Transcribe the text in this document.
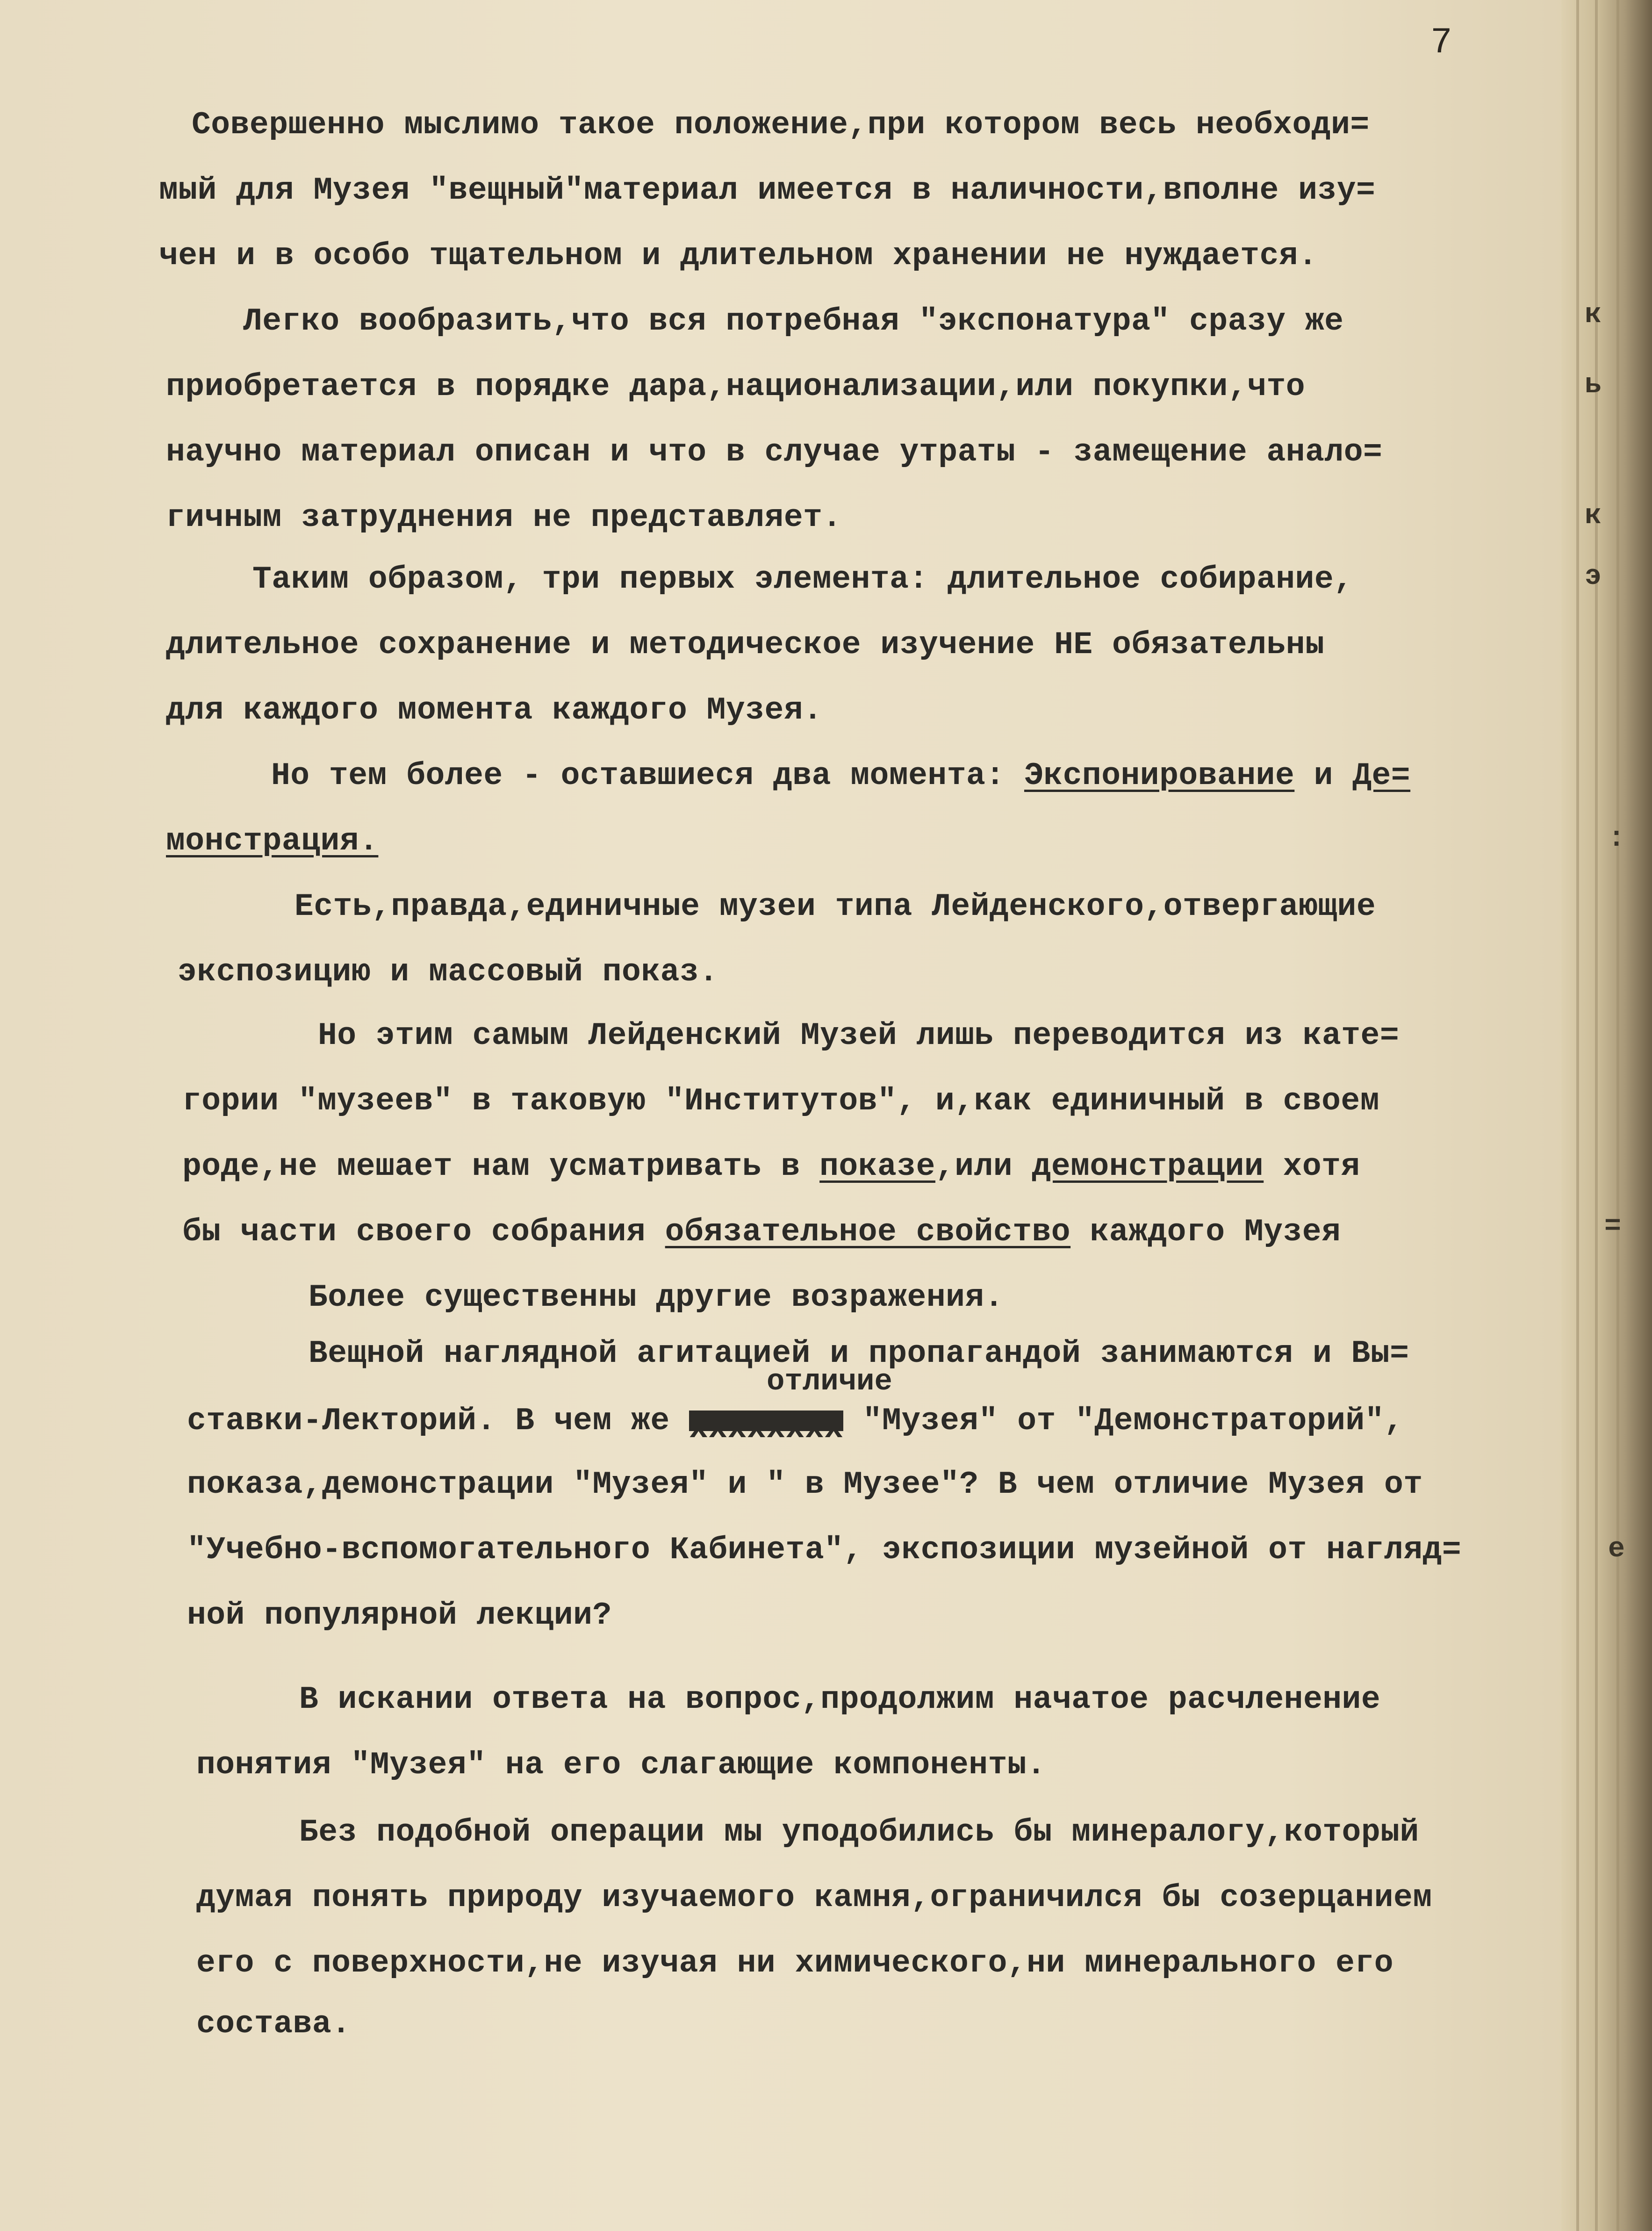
к
ь
к
э
:
=
е
7
Совершенно мыслимо такое положение,при котором весь необходи=
мый для Музея "вещный"материал имеется в наличности,вполне изу=
чен и в особо тщательном и длительном хранении не нуждается.
Легко вообразить,что вся потребная "экспонатура" сразу же
приобретается в порядке дара,национализации,или покупки,что
научно материал описан и что в случае утраты - замещение анало=
гичным затруднения не представляет.
Таким образом, три первых элемента: длительное собирание,
длительное сохранение и методическое изучение НЕ обязательны
для каждого момента каждого Музея.
Но тем более - оставшиеся два момента: Экспонирование и Де=
монстрация.
Есть,правда,единичные музеи типа Лейденского,отвергающие
экспозицию и массовый показ.
Но этим самым Лейденский Музей лишь переводится из кате=
гории "музеев" в таковую "Институтов", и,как единичный в своем
роде,не мешает нам усматривать в показе,или демонстрации хотя
бы части своего собрания обязательное свойство каждого Музея
Более существенны другие возражения.
Вещной наглядной агитацией и пропагандой занимаются и Вы=
отличие
ставки-Лекторий. В чем же xxxxxxxx "Музея" от "Демонстраторий",
показа,демонстрации "Музея" и " в Музее"? В чем отличие Музея от
"Учебно-вспомогательного Кабинета", экспозиции музейной от нагляд=
ной популярной лекции?
В искании ответа на вопрос,продолжим начатое расчленение
понятия "Музея" на его слагающие компоненты.
Без подобной операции мы уподобились бы минералогу,который
думая понять природу изучаемого камня,ограничился бы созерцанием
его с поверхности,не изучая ни химического,ни минерального его
состава.
